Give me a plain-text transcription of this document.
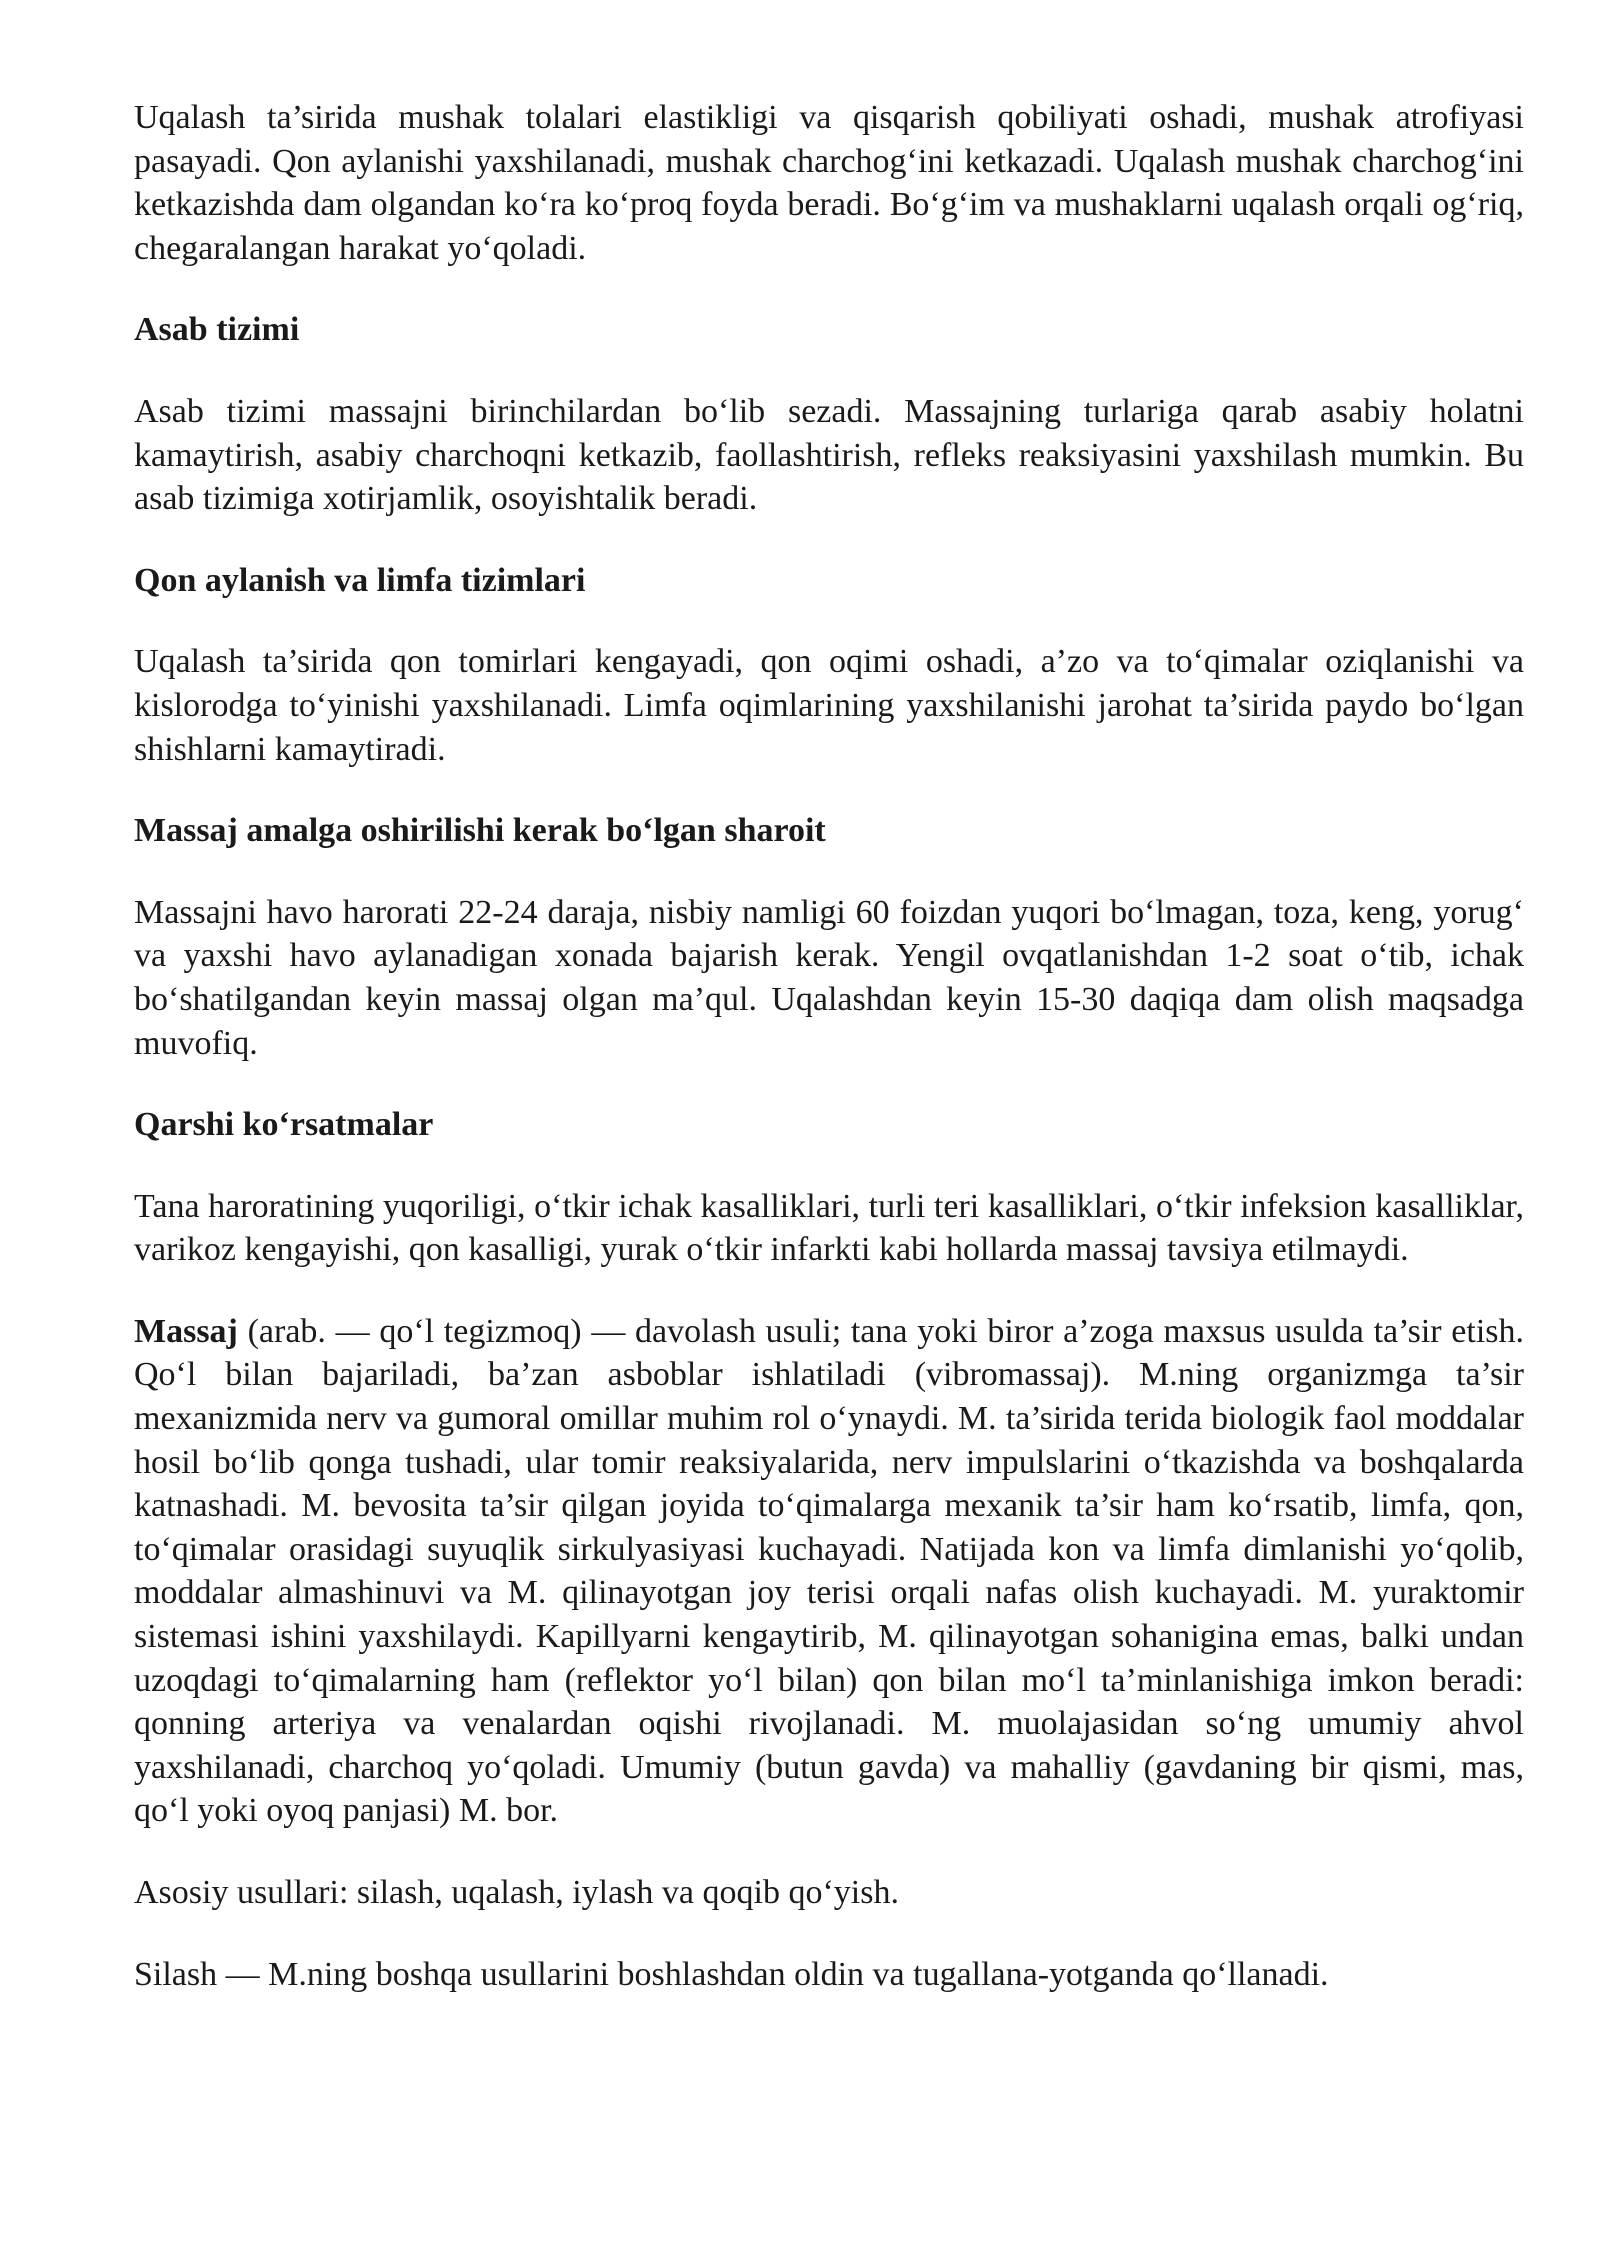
Uqalash ta’sirida mushak tolalari elastikligi va qisqarish qobiliyati oshadi, mushak atrofiyasi pasayadi. Qon aylanishi yaxshilanadi, mushak charchog‘ini ketkazadi. Uqalash mushak charchog‘ini ketkazishda dam olgandan ko‘ra ko‘proq foyda beradi. Bo‘g‘im va mushaklarni uqalash orqali og‘riq, chegaralangan harakat yo‘qoladi.

Asab tizimi

Asab tizimi massajni birinchilardan bo‘lib sezadi. Massajning turlariga qarab asabiy holatni kamaytirish, asabiy charchoqni ketkazib, faollashtirish, refleks reaksiyasini yaxshilash mumkin. Bu asab tizimiga xotirjamlik, osoyishtalik beradi.

Qon aylanish va limfa tizimlari

Uqalash ta’sirida qon tomirlari kengayadi, qon oqimi oshadi, a’zo va to‘qimalar oziqlanishi va kislorodga to‘yinishi yaxshilanadi. Limfa oqimlarining yaxshilanishi jarohat ta’sirida paydo bo‘lgan shishlarni kamaytiradi.

Massaj amalga oshirilishi kerak bo‘lgan sharoit

Massajni havo harorati 22-24 daraja, nisbiy namligi 60 foizdan yuqori bo‘lmagan, toza, keng, yorug‘ va yaxshi havo aylanadigan xonada bajarish kerak. Yengil ovqatlanishdan 1-2 soat o‘tib, ichak bo‘shatilgandan keyin massaj olgan ma’qul. Uqalashdan keyin 15-30 daqiqa dam olish maqsadga muvofiq.

Qarshi ko‘rsatmalar

Tana haroratining yuqoriligi, o‘tkir ichak kasalliklari, turli teri kasalliklari, o‘tkir infeksion kasalliklar, varikoz kengayishi, qon kasalligi, yurak o‘tkir infarkti kabi hollarda massaj tavsiya etilmaydi.

Massaj (arab. — qo‘l tegizmoq) — davolash usuli; tana yoki biror a’zoga maxsus usulda ta’sir etish. Qo‘l bilan bajariladi, ba’zan asboblar ishlatiladi (vibromassaj). M.ning organizmga ta’sir mexanizmida nerv va gumoral omillar muhim rol o‘ynaydi. M. ta’sirida terida biologik faol moddalar hosil bo‘lib qonga tushadi, ular tomir reaksiyalarida, nerv impulslarini o‘tkazishda va boshqalarda katnashadi. M. bevosita ta’sir qilgan joyida to‘qimalarga mexanik ta’sir ham ko‘rsatib, limfa, qon, to‘qimalar orasidagi suyuqlik sirkulyasiyasi kuchayadi. Natijada kon va limfa dimlanishi yo‘qolib, moddalar almashinuvi va M. qilinayotgan joy terisi orqali nafas olish kuchayadi. M. yuraktomir sistemasi ishini yaxshilaydi. Kapillyarni kengaytirib, M. qilinayotgan sohanigina emas, balki undan uzoqdagi to‘qimalarning ham (reflektor yo‘l bilan) qon bilan mo‘l ta’minlanishiga imkon beradi: qonning arteriya va venalardan oqishi rivojlanadi. M. muolajasidan so‘ng umumiy ahvol yaxshilanadi, charchoq yo‘qoladi. Umumiy (butun gavda) va mahalliy (gavdaning bir qismi, mas, qo‘l yoki oyoq panjasi) M. bor.

Asosiy usullari: silash, uqalash, iylash va qoqib qo‘yish.

Silash — M.ning boshqa usullarini boshlashdan oldin va tugallana-yotganda qo‘llanadi.
